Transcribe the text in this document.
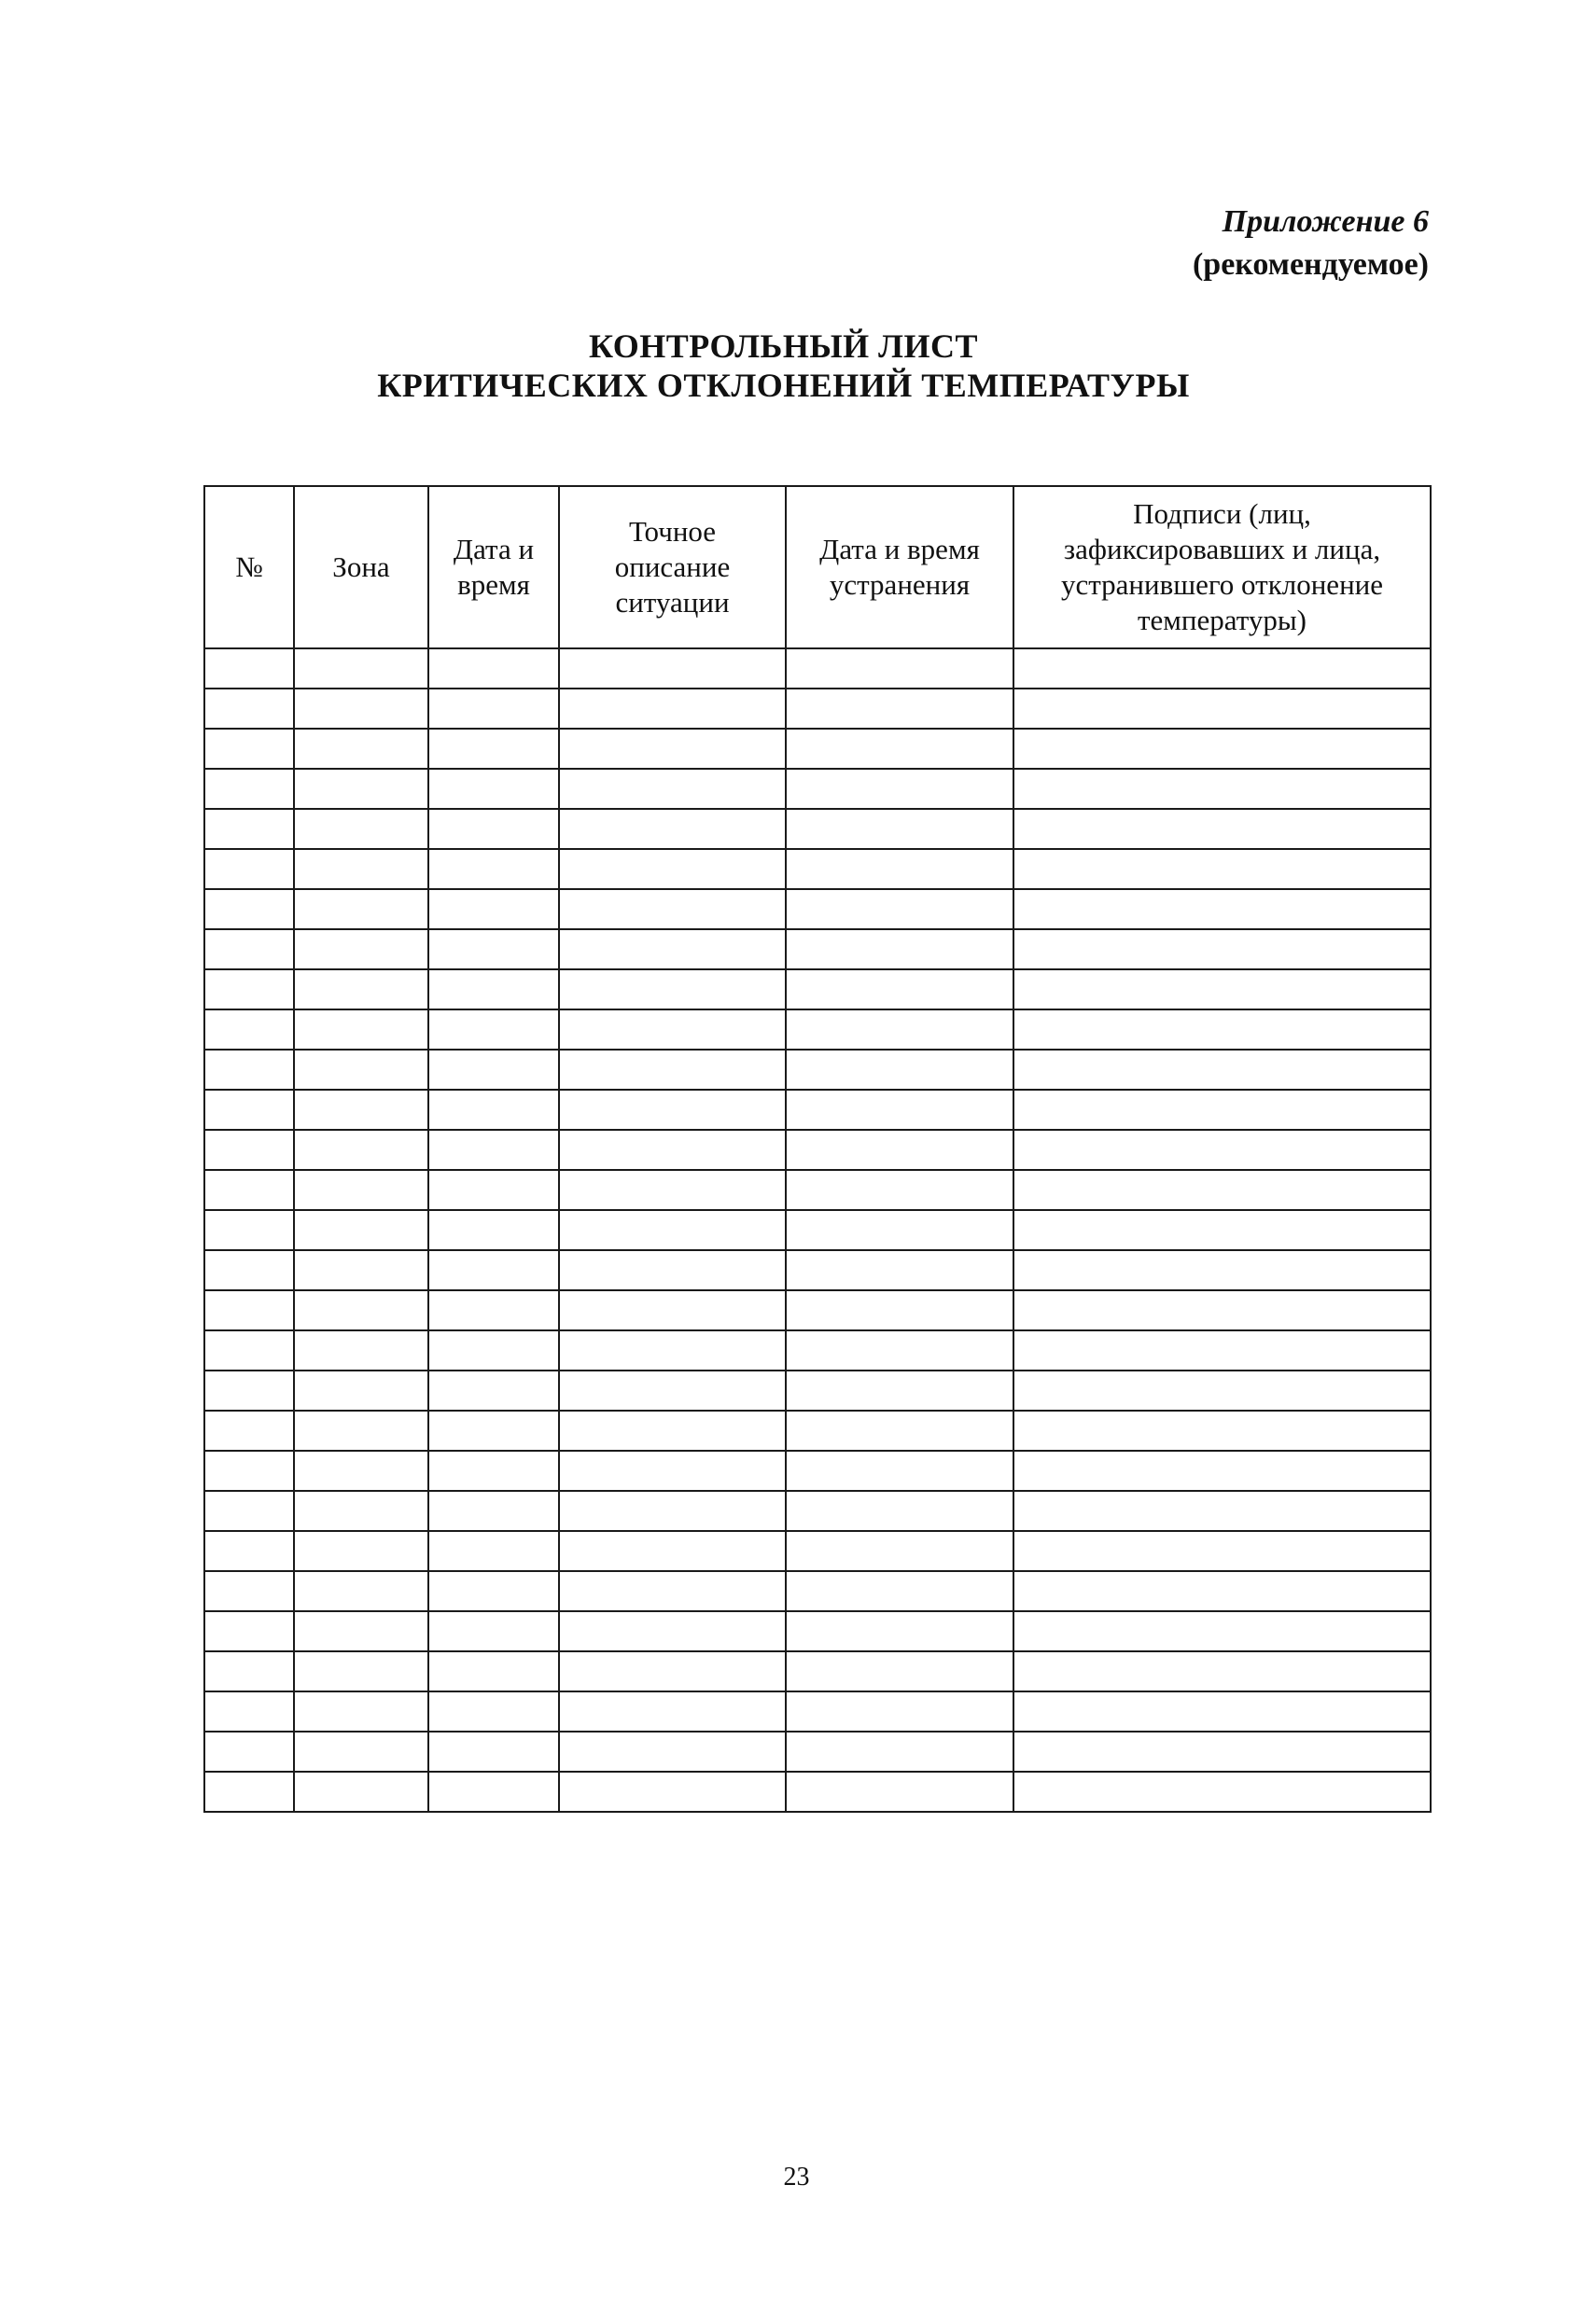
Приложение 6
(рекомендуемое)
КОНТРОЛЬНЫЙ ЛИСТ
КРИТИЧЕСКИХ ОТКЛОНЕНИЙ ТЕМПЕРАТУРЫ
№	Зона	Дата и время	Точное описание ситуации	Дата и время устранения	Подписи (лиц, зафиксировавших и лица, устранившего отклонение температуры)

23
